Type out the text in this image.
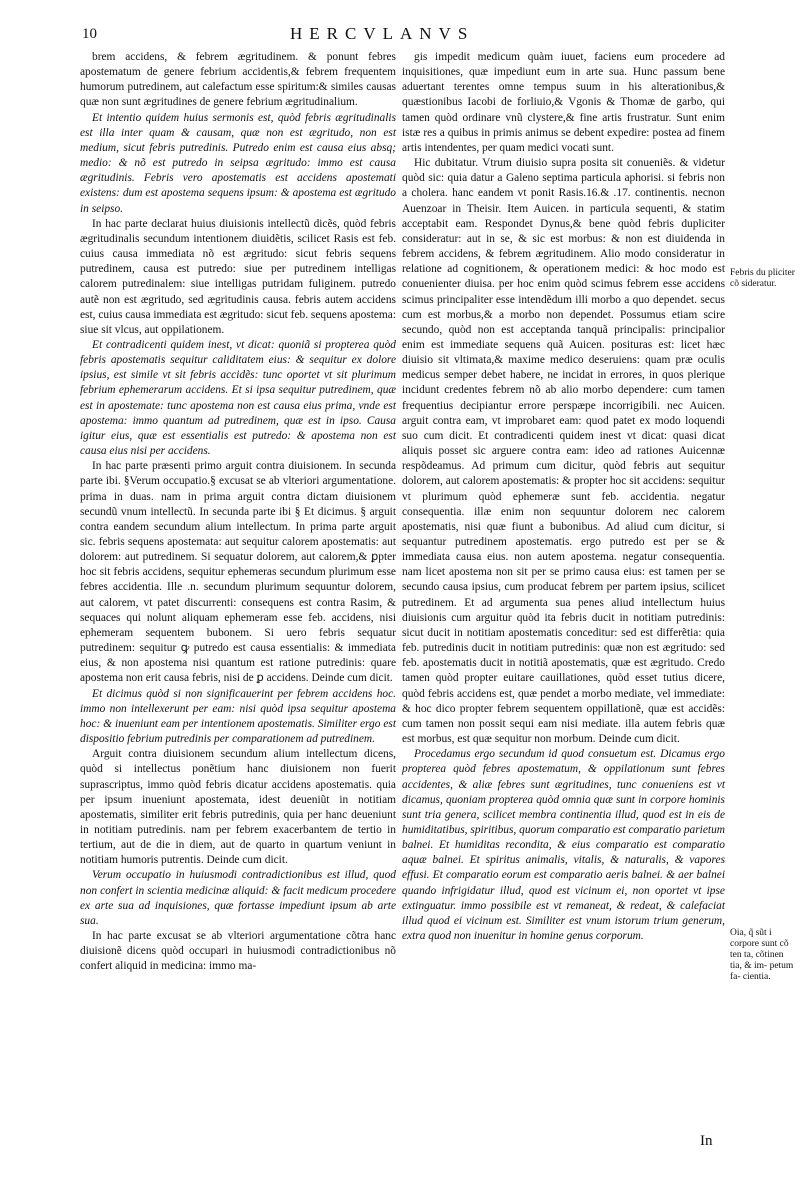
10	HERCVLANVS

brem accidens, & febrem ægritudinem. & ponunt febres apostematum de genere febrium accidentis,& febrem frequentem humorum putredinem, aut calefactum esse spiritum:& similes causas quæ non sunt ægritudines de genere febrium ægritudinalium.

Et intentio quidem huius sermonis est, quòd febris ægritudinalis est illa inter quam & causam, quæ non est ægritudo, non est medium, sicut febris putredinis. Putredo enim est causa eius absq; medio: & nõ est putredo in seipsa ægritudo: immo est causa ægritudinis. Febris vero apostematis est accidens apostemati existens: dum est apostema sequens ipsum: & apostema est ægritudo in seipso.

In hac parte declarat huius diuisionis intellectũ dicẽs, quòd febris ægritudinalis secundum intentionem diuidẽtis, scilicet Rasis est feb. cuius causa immediata nõ est ægritudo: sicut febris sequens putredinem, causa est putredo: siue per putredinem intelligas calorem putredinalem: siue intelligas putridam fuliginem. putredo autẽ non est ægritudo, sed ægritudinis causa. febris autem accidens est, cuius causa immediata est ægritudo: sicut feb. sequens apostema: siue sit vlcus, aut oppilationem.

Et contradicenti quidem inest, vt dicat: quoniã si propterea quòd febris apostematis sequitur caliditatem eius: & sequitur ex dolore ipsius, est simile vt sit febris accidẽs: tunc oportet vt sit plurimum febrium ephemerarum accidens. Et si ipsa sequitur putredinem, quæ est in apostemate: tunc apostema non est causa eius prima, vnde est apostema: immo quantum ad putredinem, quæ est in ipso. Causa igitur eius, quæ est essentialis est putredo: & apostema non est causa eius nisi per accidens.

In hac parte præsenti primo arguit contra diuisionem. In secunda parte ibi. §Verum occupatio.§ excusat se ab vlteriori argumentatione. prima in duas. nam in prima arguit contra dictam diuisionem secundũ vnum intellectũ. In secunda parte ibi § Et dicimus. § arguit contra eandem secundum alium intellectum. In prima parte arguit sic. febris sequens apostemata: aut sequitur calorem apostematis: aut dolorem: aut putredinem. Si sequatur dolorem, aut calorem,& ꝑpter hoc sit febris accidens, sequitur ephemeras secundum plurimum esse febres accidentia. Ille .n. secundum plurimum sequuntur dolorem, aut calorem, vt patet discurrenti: consequens est contra Rasim, & sequaces qui nolunt aliquam ephemeram esse feb. accidens, nisi ephemeram sequentem bubonem. Si uero febris sequatur putredinem: sequitur ꝙ putredo est causa essentialis: & immediata eius, & non apostema nisi quantum est ratione putredinis: quare apostema non erit causa febris, nisi de ꝑ accidens. Deinde cum dicit.

Et dicimus quòd si non significauerint per febrem accidens hoc. immo non intellexerunt per eam: nisi quòd ipsa sequitur apostema hoc: & inueniunt eam per intentionem apostematis. Similiter ergo est dispositio febrium putredinis per comparationem ad putredinem.

Arguit contra diuisionem secundum alium intellectum dicens, quòd si intellectus ponẽtium hanc diuisionem non fuerit suprascriptus, immo quòd febris dicatur accidens apostematis. quia per ipsum inueniunt apostemata, idest deueniũt in notitiam apostematis, similiter erit febris putredinis, quia per hanc deueniunt in notitiam putredinis. nam per febrem exacerbantem de tertio in tertium, aut de die in diem, aut de quarto in quartum veniunt in notitiam humoris putrentis. Deinde cum dicit.

Verum occupatio in huiusmodi contradictionibus est illud, quod non confert in scientia medicinæ aliquid: & facit medicum procedere ex arte sua ad inquisiones, quæ fortasse impediunt ipsum ab arte sua.

In hac parte excusat se ab vlteriori argumentatione cõtra hanc diuisionẽ dicens quòd occupari in huiusmodi contradictionibus nõ confert aliquid in medicina: immo ma-

gis impedit medicum quàm iuuet, faciens eum procedere ad inquisitiones, quæ impediunt eum in arte sua. Hunc passum bene aduertant terentes omne tempus suum in his alterationibus,& quæstionibus Iacobi de forliuio,& Vgonis & Thomæ de garbo, qui tamen quòd ordinare vnũ clystere,& fine artis frustratur. Sunt enim istæ res a quibus in primis animus se debent expedire: postea ad finem artis intendentes, per quam medici vocati sunt.

Hic dubitatur. Vtrum diuisio supra posita sit conueniẽs. & videtur quòd sic: quia datur a Galeno septima particula aphorisi. si febris non a cholera. hanc eandem vt ponit Rasis.16.& .17. continentis. necnon Auenzoar in Theisir. Item Auicen. in particula sequenti, & statim acceptabit eam. Respondet Dynus,& bene quòd febris dupliciter consideratur: aut in se, & sic est morbus: & non est diuidenda in febrem accidens, & febrem ægritudinem. Alio modo consideratur in relatione ad cognitionem, & operationem medici: & hoc modo est conuenienter diuisa. per hoc enim quòd scimus febrem esse accidens scimus principaliter esse intendẽdum illi morbo a quo dependet. secus cum est morbus,& a morbo non dependet. Possumus etiam scire secundo, quòd non est acceptanda tanquã principalis: principalior enim est immediate sequens quã Auicen. posituras est: licet hæc diuisio sit vltimata,& maxime medico deseruiens: quam præ oculis medicus semper debet habere, ne incidat in errores, in quos plerique incidunt credentes febrem nõ ab alio morbo dependere: cum tamen frequentius decipiantur errore perspæpe incorrigibili. nec Auicen. arguit contra eam, vt improbaret eam: quod patet ex modo loquendi suo cum dicit. Et contradicenti quidem inest vt dicat: quasi dicat aliquis posset sic arguere contra eam: ideo ad rationes Auicennæ respõdeamus. Ad primum cum dicitur, quòd febris aut sequitur dolorem, aut calorem apostematis: & propter hoc sit accidens: sequitur vt plurimum quòd ephemeræ sunt feb. accidentia. negatur consequentia. illæ enim non sequuntur dolorem nec calorem apostematis, nisi quæ fiunt a bubonibus. Ad aliud cum dicitur, si sequantur putredinem apostematis. ergo putredo est per se & immediata causa eius. non autem apostema. negatur consequentia. nam licet apostema non sit per se primo causa eius: est tamen per se secundo causa ipsius, cum producat febrem per partem ipsius, scilicet putredinem. Et ad argumenta sua penes aliud intellectum huius diuisionis cum arguitur quòd ita febris ducit in notitiam putredinis: sicut ducit in notitiam apostematis conceditur: sed est differẽtia: quia feb. putredinis ducit in notitiam putredinis: quæ non est ægritudo: sed feb. apostematis ducit in notitiã apostematis, quæ est ægritudo. Credo tamen quòd propter euitare cauillationes, quòd esset tutius dicere, quòd febris accidens est, quæ pendet a morbo mediate, vel immediate: & hoc dico propter febrem sequentem oppillationẽ, quæ est accidẽs: cum tamen non possit sequi eam nisi mediate. illa autem febris quæ est morbus, est quæ sequitur non morbum. Deinde cum dicit.

Procedamus ergo secundum id quod consuetum est. Dicamus ergo propterea quòd febres apostematum, & oppilationum sunt febres accidentes, & aliæ febres sunt ægritudines, tunc conueniens est vt dicamus, quoniam propterea quòd omnia quæ sunt in corpore hominis sunt tria genera, scilicet membra continentia illud, quod est in eis de humiditatibus, spiritibus, quorum comparatio est comparatio parietum balnei. Et humiditas recondita, & eius comparatio est comparatio aquæ balnei. Et spiritus animalis, vitalis, & naturalis, & vapores effusi. Et comparatio eorum est comparatio aeris balnei. & aer balnei quando infrigidatur illud, quod est vicinum ei, non oportet vt ipse extinguatur. immo possibile est vt remaneat, & redeat, & calefaciat illud quod ei vicinum est. Similiter est vnum istorum trium generum, extra quod non inuenitur in homine genus corporum.

Febris du pliciter cõ sideratur.
Oia, q̃ sũt i corpore sunt cõ ten ta, cõtinen tia, & im- petum fa- cientia.
In
